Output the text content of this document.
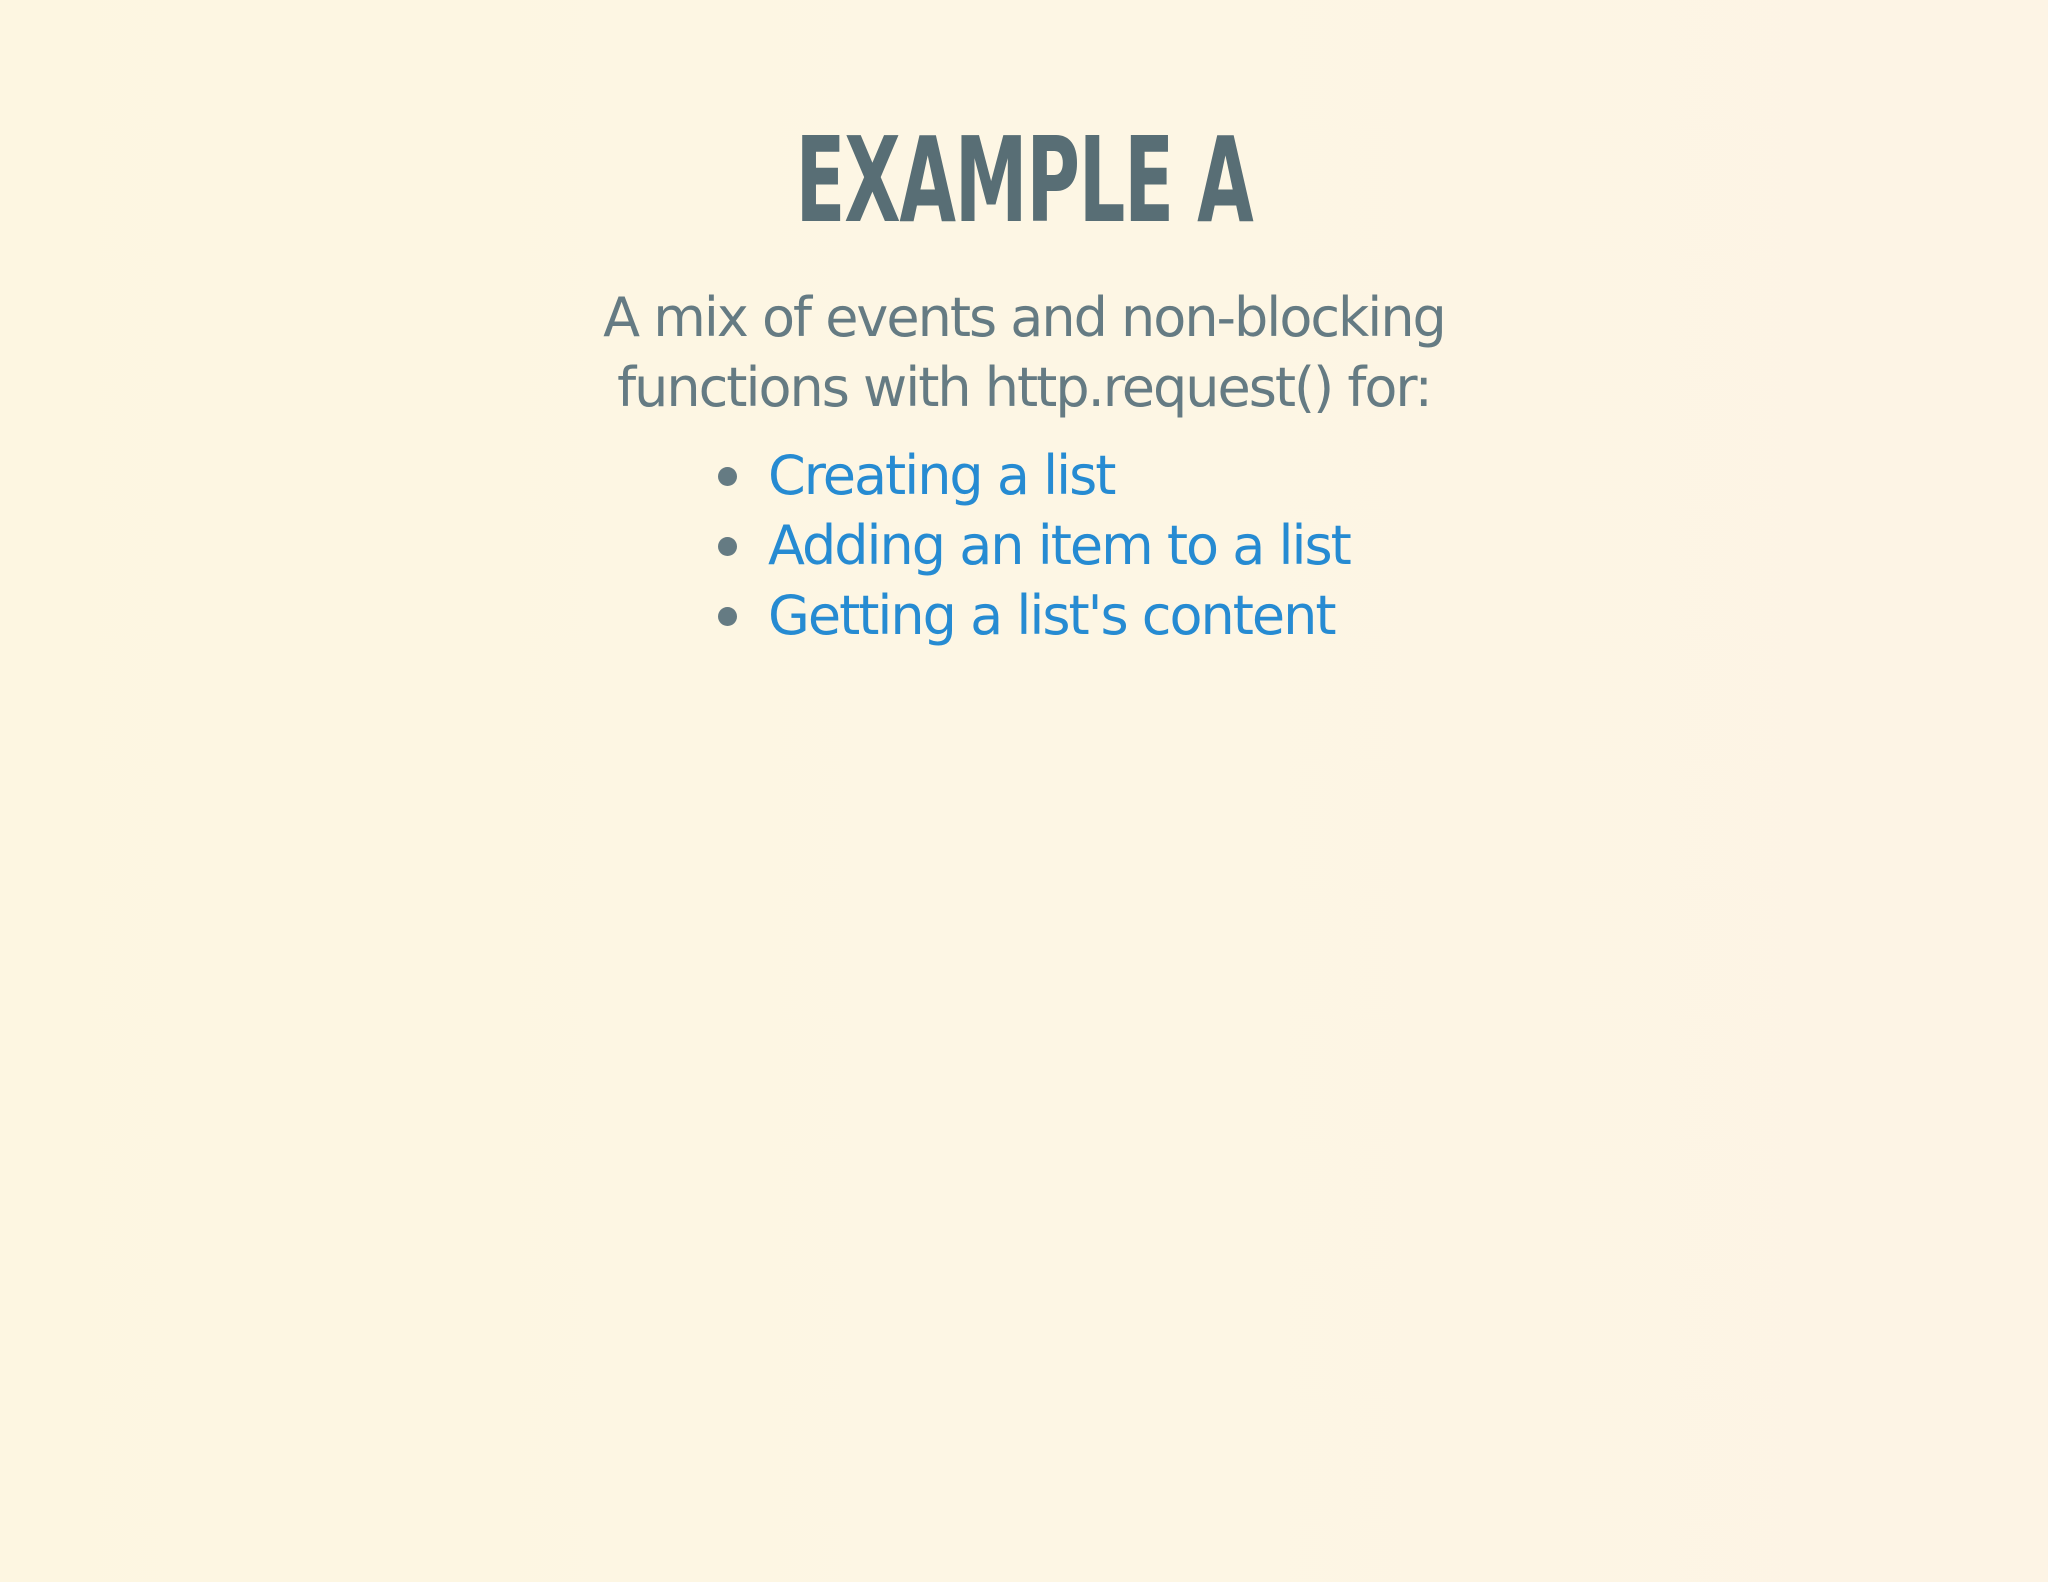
EXAMPLE A

A mix of events and non-blocking
functions with http.request() for:

Creating a list
Adding an item to a list
Getting a list's content
